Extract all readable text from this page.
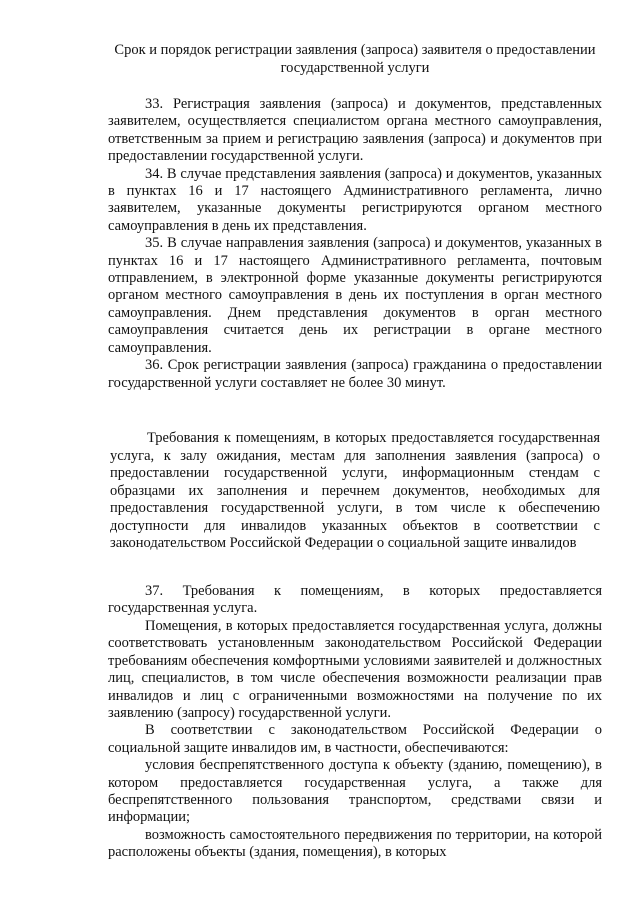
Срок и порядок регистрации заявления (запроса) заявителя о предоставлении государственной услуги

33. Регистрация заявления (запроса) и документов, представленных заявителем, осуществляется специалистом органа местного самоуправления, ответственным за прием и регистрацию заявления (запроса) и документов при предоставлении государственной услуги.

34. В случае представления заявления (запроса) и документов, указанных в пунктах 16 и 17 настоящего Административного регламента, лично заявителем, указанные документы регистрируются органом местного самоуправления в день их представления.

35. В случае направления заявления (запроса) и документов, указанных в пунктах 16 и 17 настоящего Административного регламента, почтовым отправлением, в электронной форме указанные документы регистрируются органом местного самоуправления в день их поступления в орган местного самоуправления. Днем представления документов в орган местного самоуправления считается день их регистрации в органе местного самоуправления.

36. Срок регистрации заявления (запроса) гражданина о предоставлении государственной услуги составляет не более 30 минут.

Требования к помещениям, в которых предоставляется государственная услуга, к залу ожидания, местам для заполнения заявления (запроса) о предоставлении государственной услуги, информационным стендам с образцами их заполнения и перечнем документов, необходимых для предоставления государственной услуги, в том числе к обеспечению доступности для инвалидов указанных объектов в соответствии с законодательством Российской Федерации о социальной защите инвалидов

37. Требования к помещениям, в которых предоставляется государственная услуга.

Помещения, в которых предоставляется государственная услуга, должны соответствовать установленным законодательством Российской Федерации требованиям обеспечения комфортными условиями заявителей и должностных лиц, специалистов, в том числе обеспечения возможности реализации прав инвалидов и лиц с ограниченными возможностями на получение по их заявлению (запросу) государственной услуги.

В соответствии с законодательством Российской Федерации о социальной защите инвалидов им, в частности, обеспечиваются:

условия беспрепятственного доступа к объекту (зданию, помещению), в котором предоставляется государственная услуга, а также для беспрепятственного пользования транспортом, средствами связи и информации;

возможность самостоятельного передвижения по территории, на которой расположены объекты (здания, помещения), в которых
